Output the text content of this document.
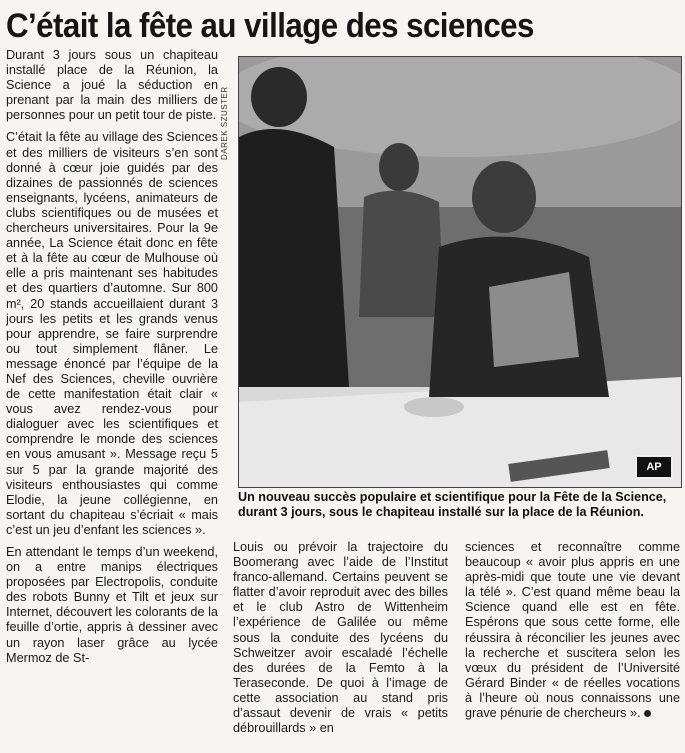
C’était la fête au village des sciences

Durant 3 jours sous un chapiteau installé place de la Réunion, la Science a joué la séduction en prenant par la main des milliers de personnes pour un petit tour de piste.

C’était la fête au village des Sciences et des milliers de visiteurs s’en sont donné à cœur joie guidés par des dizaines de passionnés de sciences enseignants, lycéens, animateurs de clubs scientifiques ou de musées et chercheurs universitaires. Pour la 9e année, La Science était donc en fête et à la fête au cœur de Mulhouse où elle a pris maintenant ses habitudes et des quartiers d’automne. Sur 800 m², 20 stands accueillaient durant 3 jours les petits et les grands venus pour apprendre, se faire surprendre ou tout simplement flâner. Le message énoncé par l’équipe de la Nef des Sciences, cheville ouvrière de cette manifestation était clair « vous avez rendez-vous pour dialoguer avec les scientifiques et comprendre le monde des sciences en vous amusant ». Message reçu 5 sur 5 par la grande majorité des visiteurs enthousiastes qui comme Elodie, la jeune collégienne, en sortant du chapiteau s’écriait « mais c’est un jeu d’enfant les sciences ».

En attendant le temps d’un weekend, on a entre manips électriques proposées par Electropolis, conduite des robots Bunny et Tilt et jeux sur Internet, découvert les colorants de la feuille d’ortie, appris à dessiner avec un rayon laser grâce au lycée Mermoz de St-

DAREK SZUSTER
AP
Un nouveau succès populaire et scientifique pour la Fête de la Science, durant 3 jours, sous le chapiteau installé sur la place de la Réunion.

Louis ou prévoir la trajectoire du Boomerang avec l’aide de l’Institut franco-allemand. Certains peuvent se flatter d’avoir reproduit avec des billes et le club Astro de Wittenheim l’expérience de Galilée ou même sous la conduite des lycéens du Schweitzer avoir escaladé l’échelle des durées de la Femto à la Teraseconde. De quoi à l’image de cette association au stand pris d’assaut devenir de vrais « petits débrouillards » en

sciences et reconnaître comme beaucoup « avoir plus appris en une après-midi que toute une vie devant la télé ». C’est quand même beau la Science quand elle est en fête. Espérons que sous cette forme, elle réussira à réconcilier les jeunes avec la recherche et suscitera selon les vœux du président de l’Université Gérard Binder « de réelles vocations à l’heure où nous connaissons une grave pénurie de chercheurs ».
